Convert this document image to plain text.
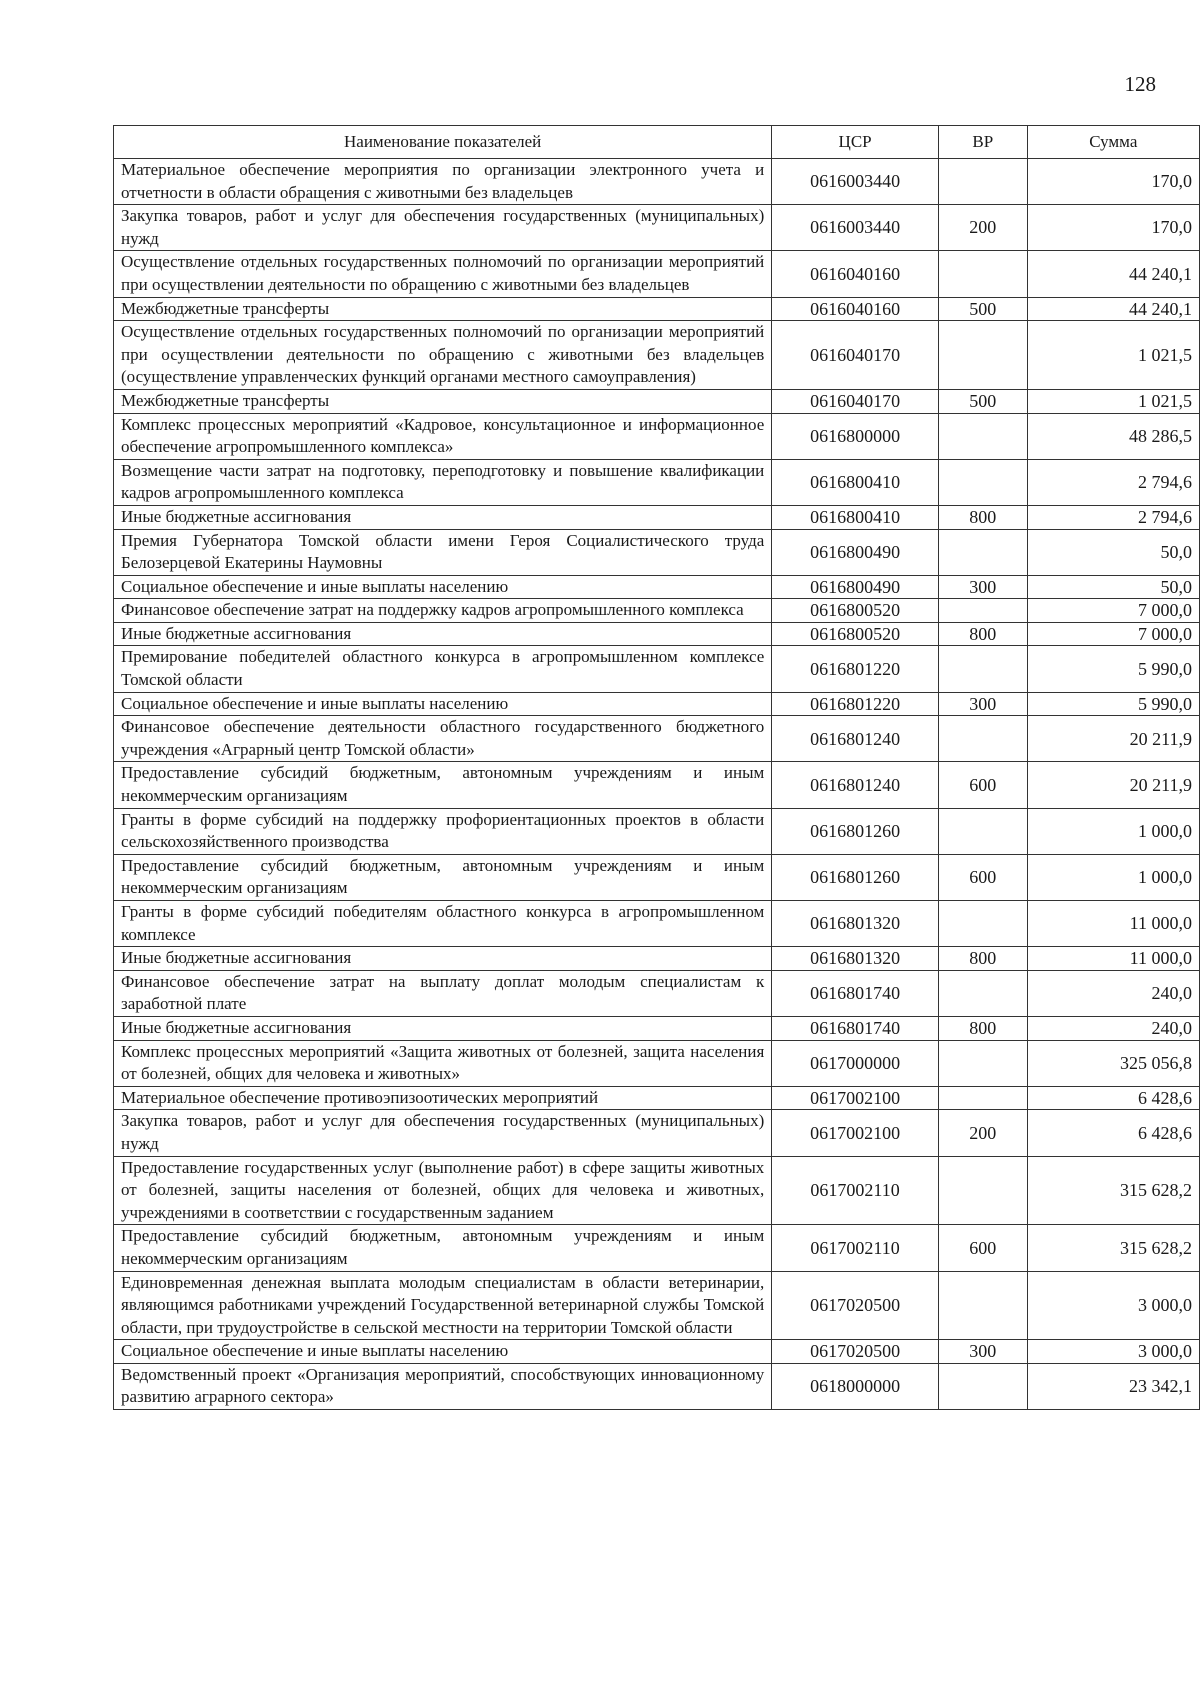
128
Наименование показателей	ЦСР	ВР	Сумма
Материальное обеспечение мероприятия по организации электронного учета и отчетности в области обращения с животными без владельцев	0616003440		170,0
Закупка товаров, работ и услуг для обеспечения государственных (муниципальных) нужд	0616003440	200	170,0
Осуществление отдельных государственных полномочий по организации мероприятий при осуществлении деятельности по обращению с животными без владельцев	0616040160		44 240,1
Межбюджетные трансферты	0616040160	500	44 240,1
Осуществление отдельных государственных полномочий по организации мероприятий при осуществлении деятельности по обращению с животными без владельцев (осуществление управленческих функций органами местного самоуправления)	0616040170		1 021,5
Межбюджетные трансферты	0616040170	500	1 021,5
Комплекс процессных мероприятий «Кадровое, консультационное и информационное обеспечение агропромышленного комплекса»	0616800000		48 286,5
Возмещение части затрат на подготовку, переподготовку и повышение квалификации кадров агропромышленного комплекса	0616800410		2 794,6
Иные бюджетные ассигнования	0616800410	800	2 794,6
Премия Губернатора Томской области имени Героя Социалистического труда Белозерцевой Екатерины Наумовны	0616800490		50,0
Социальное обеспечение и иные выплаты населению	0616800490	300	50,0
Финансовое обеспечение затрат на поддержку кадров агропромышленного комплекса	0616800520		7 000,0
Иные бюджетные ассигнования	0616800520	800	7 000,0
Премирование победителей областного конкурса в агропромышленном комплексе Томской области	0616801220		5 990,0
Социальное обеспечение и иные выплаты населению	0616801220	300	5 990,0
Финансовое обеспечение деятельности областного государственного бюджетного учреждения «Аграрный центр Томской области»	0616801240		20 211,9
Предоставление субсидий бюджетным, автономным учреждениям и иным некоммерческим организациям	0616801240	600	20 211,9
Гранты в форме субсидий на поддержку профориентационных проектов в области сельскохозяйственного производства	0616801260		1 000,0
Предоставление субсидий бюджетным, автономным учреждениям и иным некоммерческим организациям	0616801260	600	1 000,0
Гранты в форме субсидий победителям областного конкурса в агропромышленном комплексе	0616801320		11 000,0
Иные бюджетные ассигнования	0616801320	800	11 000,0
Финансовое обеспечение затрат на выплату доплат молодым специалистам к заработной плате	0616801740		240,0
Иные бюджетные ассигнования	0616801740	800	240,0
Комплекс процессных мероприятий «Защита животных от болезней, защита населения от болезней, общих для человека и животных»	0617000000		325 056,8
Материальное обеспечение противоэпизоотических мероприятий	0617002100		6 428,6
Закупка товаров, работ и услуг для обеспечения государственных (муниципальных) нужд	0617002100	200	6 428,6
Предоставление государственных услуг (выполнение работ) в сфере защиты животных от болезней, защиты населения от болезней, общих для человека и животных, учреждениями в соответствии с государственным заданием	0617002110		315 628,2
Предоставление субсидий бюджетным, автономным учреждениям и иным некоммерческим организациям	0617002110	600	315 628,2
Единовременная денежная выплата молодым специалистам в области ветеринарии, являющимся работниками учреждений Государственной ветеринарной службы Томской области, при трудоустройстве в сельской местности на территории Томской области	0617020500		3 000,0
Социальное обеспечение и иные выплаты населению	0617020500	300	3 000,0
Ведомственный проект «Организация мероприятий, способствующих инновационному развитию аграрного сектора»	0618000000		23 342,1
